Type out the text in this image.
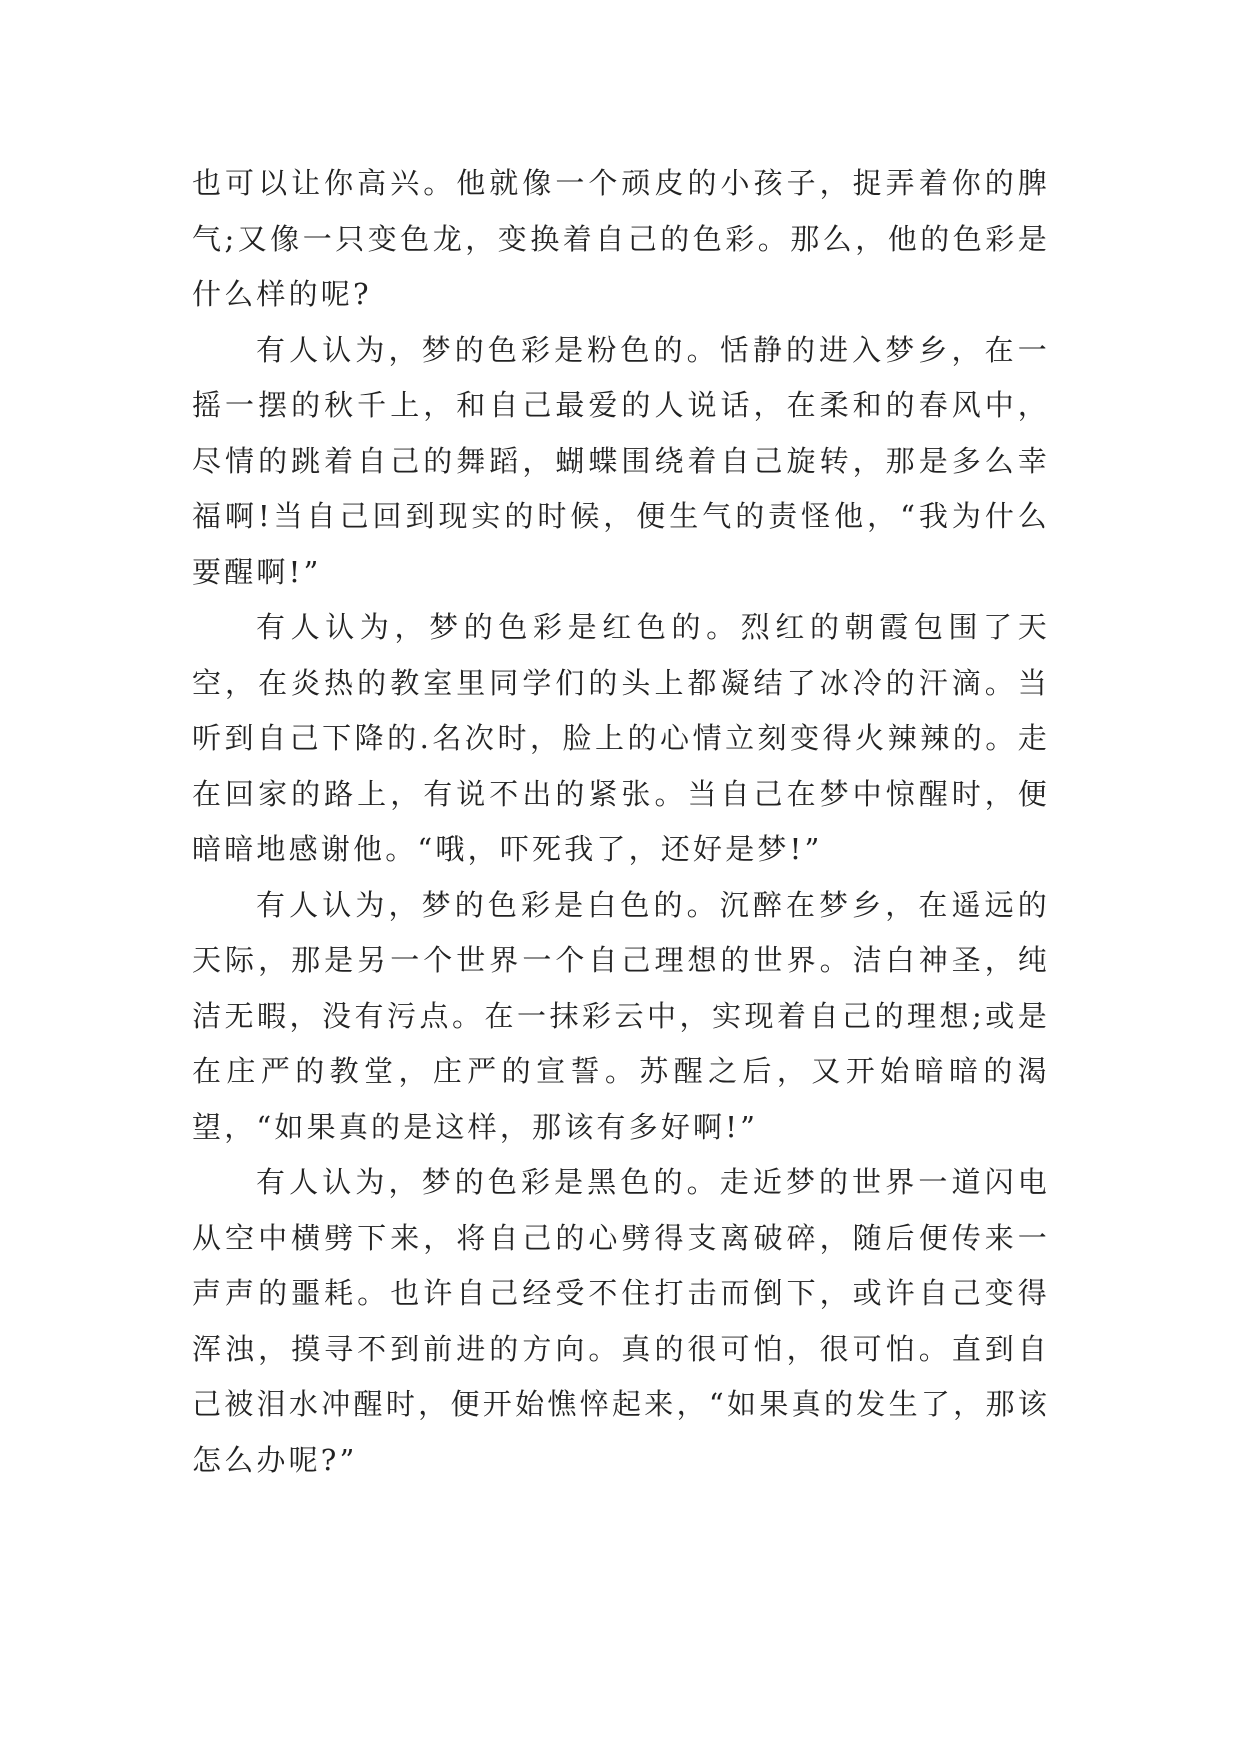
也可以让你高兴。他就像一个顽皮的小孩子，捉弄着你的脾气;又像一只变色龙，变换着自己的色彩。那么，他的色彩是什么样的呢?

有人认为，梦的色彩是粉色的。恬静的进入梦乡，在一摇一摆的秋千上，和自己最爱的人说话，在柔和的春风中，尽情的跳着自己的舞蹈，蝴蝶围绕着自己旋转，那是多么幸福啊!当自己回到现实的时候，便生气的责怪他，“我为什么要醒啊!”

有人认为，梦的色彩是红色的。烈红的朝霞包围了天空，在炎热的教室里同学们的头上都凝结了冰冷的汗滴。当听到自己下降的.名次时，脸上的心情立刻变得火辣辣的。走在回家的路上，有说不出的紧张。当自己在梦中惊醒时，便暗暗地感谢他。“哦，吓死我了，还好是梦!”

有人认为，梦的色彩是白色的。沉醉在梦乡，在遥远的天际，那是另一个世界一个自己理想的世界。洁白神圣，纯洁无暇，没有污点。在一抹彩云中，实现着自己的理想;或是在庄严的教堂，庄严的宣誓。苏醒之后，又开始暗暗的渴望，“如果真的是这样，那该有多好啊!”

有人认为，梦的色彩是黑色的。走近梦的世界一道闪电从空中横劈下来，将自己的心劈得支离破碎，随后便传来一声声的噩耗。也许自己经受不住打击而倒下，或许自己变得浑浊，摸寻不到前进的方向。真的很可怕，很可怕。直到自己被泪水冲醒时，便开始憔悴起来，“如果真的发生了，那该怎么办呢?”
